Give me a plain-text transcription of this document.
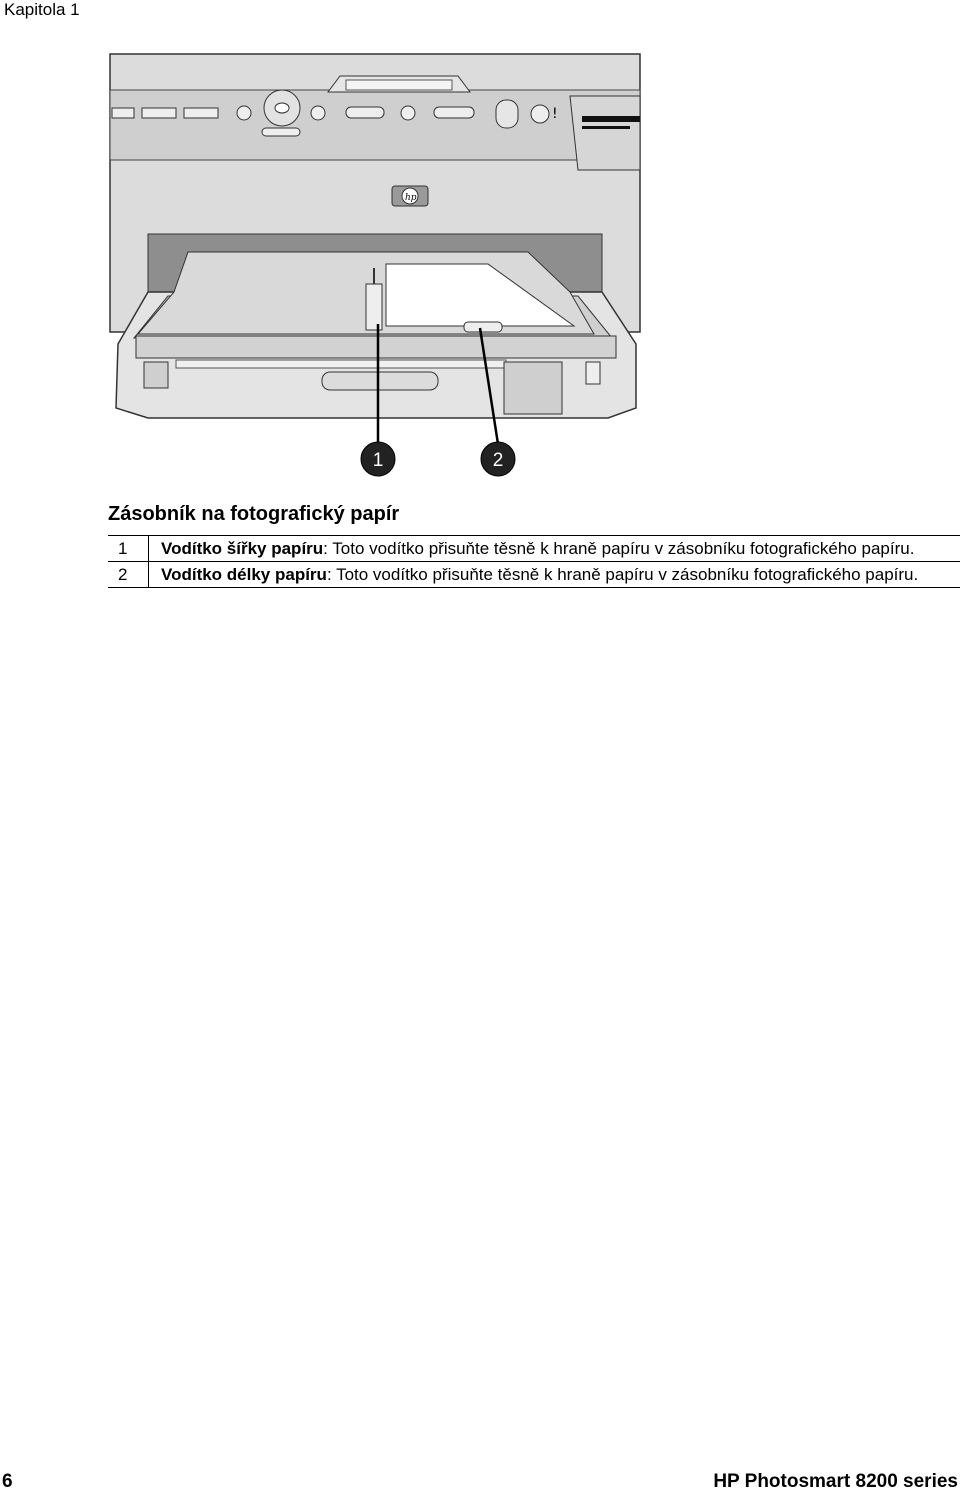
Kapitola 1
!
hp
1	2
Zásobník na fotografický papír
1	Vodítko šířky papíru: Toto vodítko přisuňte těsně k hraně papíru v zásobníku fotografického papíru.
2	Vodítko délky papíru: Toto vodítko přisuňte těsně k hraně papíru v zásobníku fotografického papíru.
6	HP Photosmart 8200 series
